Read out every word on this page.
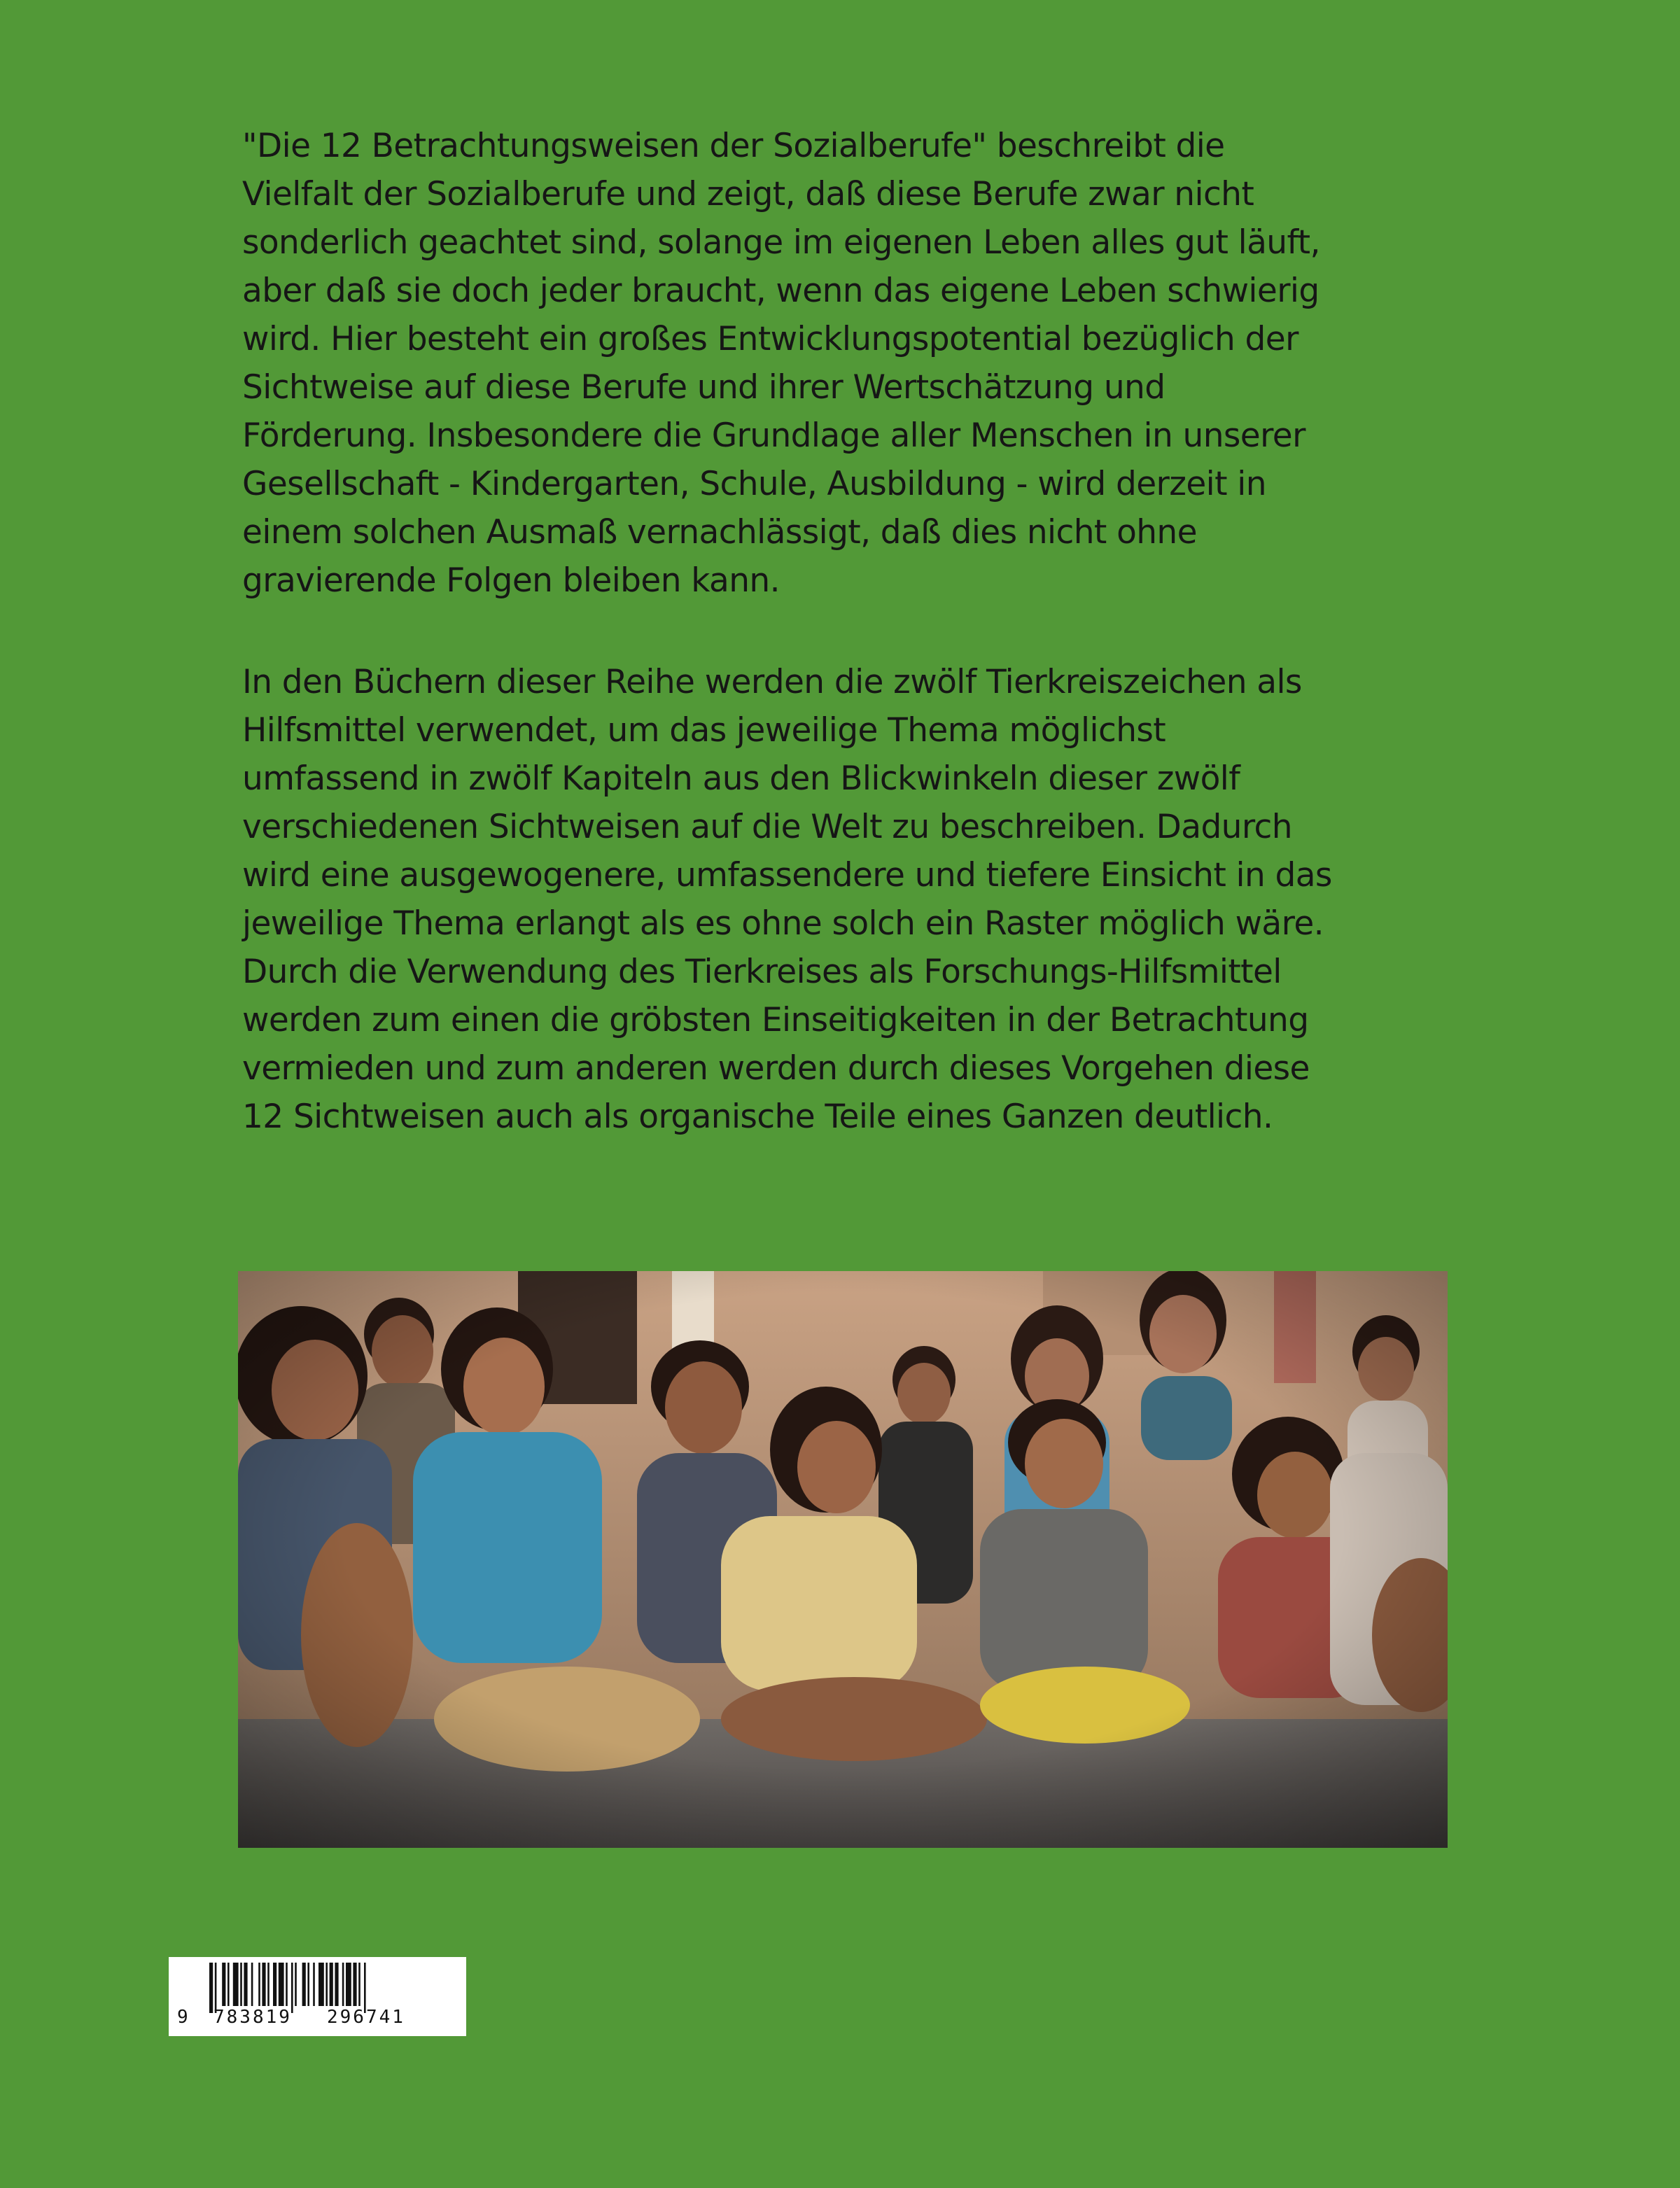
"Die 12 Betrachtungsweisen der Sozialberufe" beschreibt die
Vielfalt der Sozialberufe und zeigt, daß diese Berufe zwar nicht
sonderlich geachtet sind, solange im eigenen Leben alles gut läuft,
aber daß sie doch jeder braucht, wenn das eigene Leben schwierig
wird. Hier besteht ein großes Entwicklungspotential bezüglich der
Sichtweise auf diese Berufe und ihrer Wertschätzung und
Förderung. Insbesondere die Grundlage aller Menschen in unserer
Gesellschaft - Kindergarten, Schule, Ausbildung - wird derzeit in
einem solchen Ausmaß vernachlässigt, daß dies nicht ohne
gravierende Folgen bleiben kann.
In den Büchern dieser Reihe werden die zwölf Tierkreiszeichen als
Hilfsmittel verwendet, um das jeweilige Thema möglichst
umfassend in zwölf Kapiteln aus den Blickwinkeln dieser zwölf
verschiedenen Sichtweisen auf die Welt zu beschreiben. Dadurch
wird eine ausgewogenere, umfassendere und tiefere Einsicht in das
jeweilige Thema erlangt als es ohne solch ein Raster möglich wäre.
Durch die Verwendung des Tierkreises als Forschungs-Hilfsmittel
werden zum einen die gröbsten Einseitigkeiten in der Betrachtung
vermieden und zum anderen werden durch dieses Vorgehen diese
12 Sichtweisen auch als organische Teile eines Ganzen deutlich.
9 783819 296741
